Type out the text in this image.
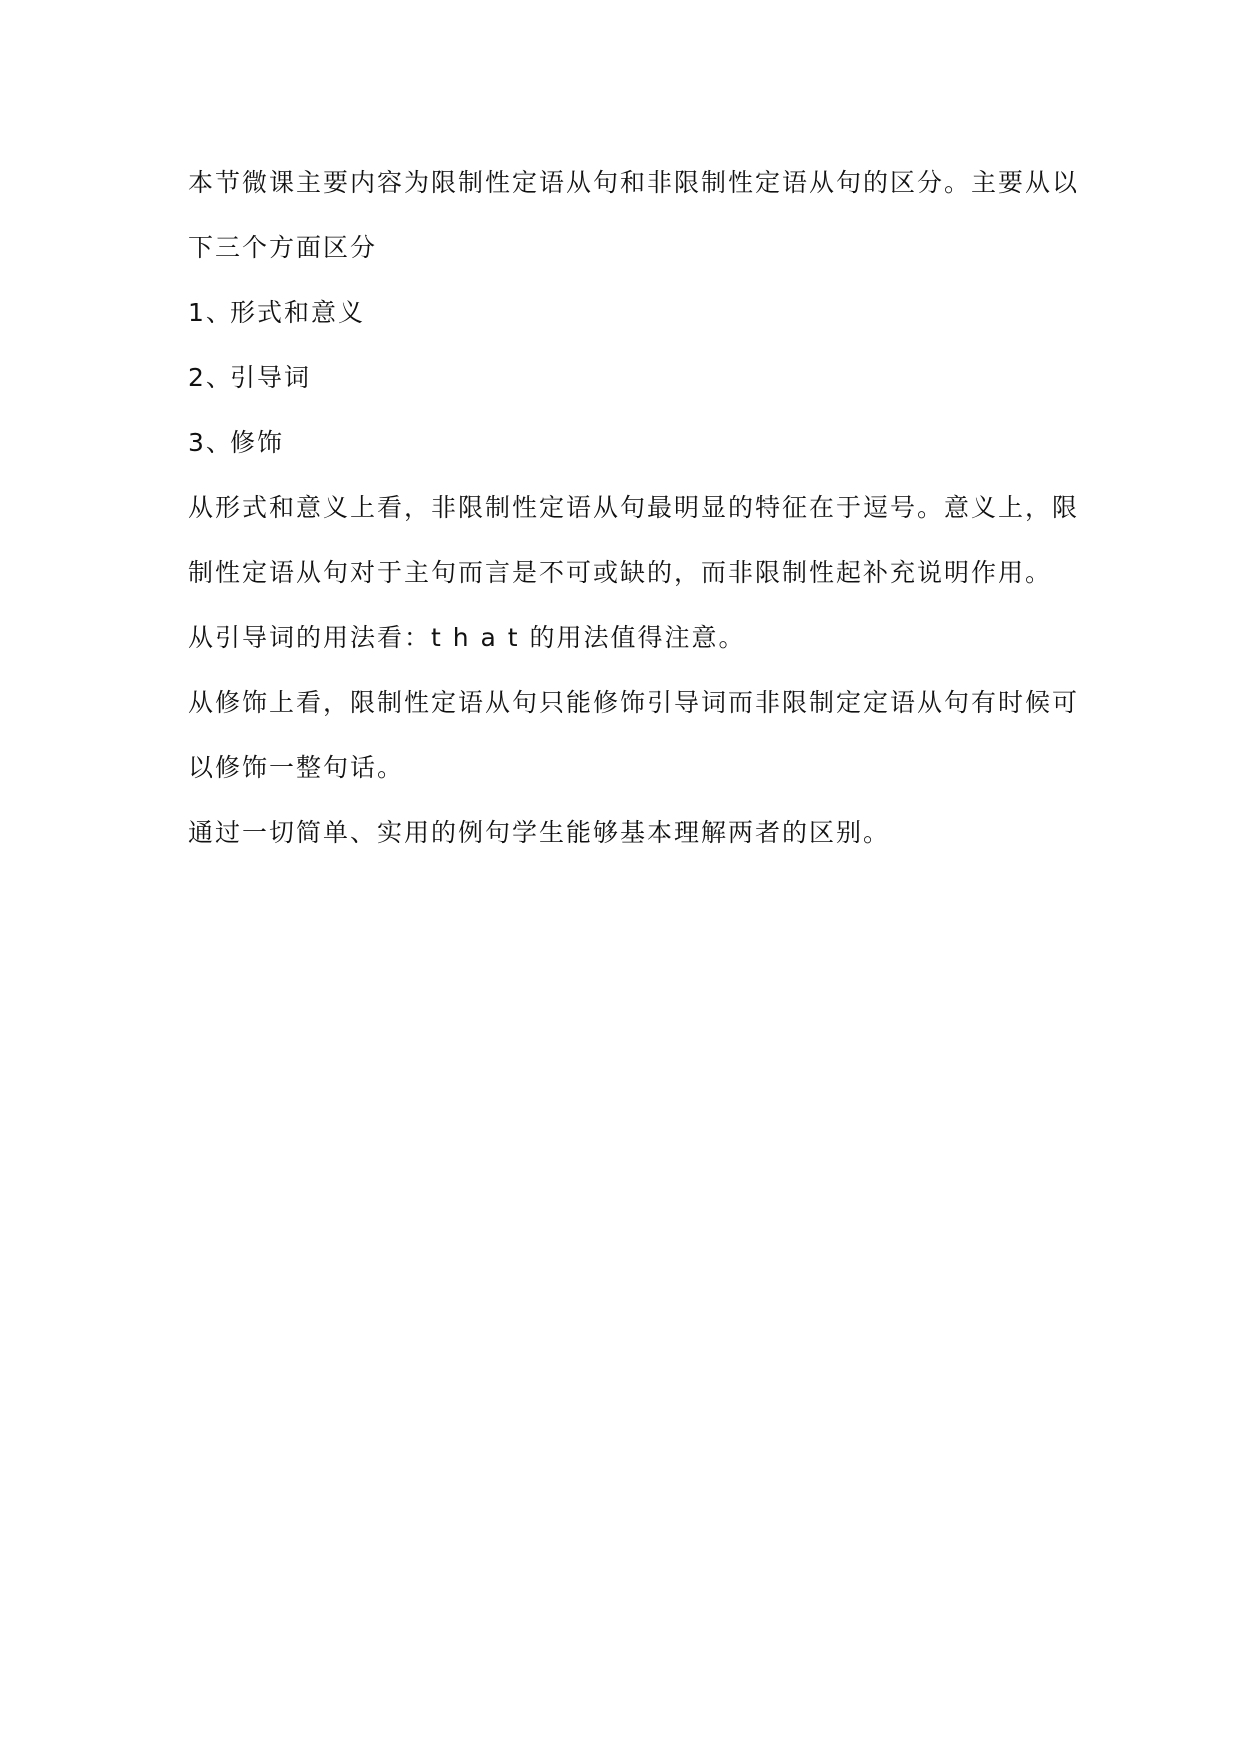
本节微课主要内容为限制性定语从句和非限制性定语从句的区分。主要从以
下三个方面区分
1、形式和意义
2、引导词
3、修饰
从形式和意义上看，非限制性定语从句最明显的特征在于逗号。意义上，限
制性定语从句对于主句而言是不可或缺的，而非限制性起补充说明作用。
从引导词的用法看：t h a t 的用法值得注意。
从修饰上看，限制性定语从句只能修饰引导词而非限制定定语从句有时候可
以修饰一整句话。
通过一切简单、实用的例句学生能够基本理解两者的区别。
